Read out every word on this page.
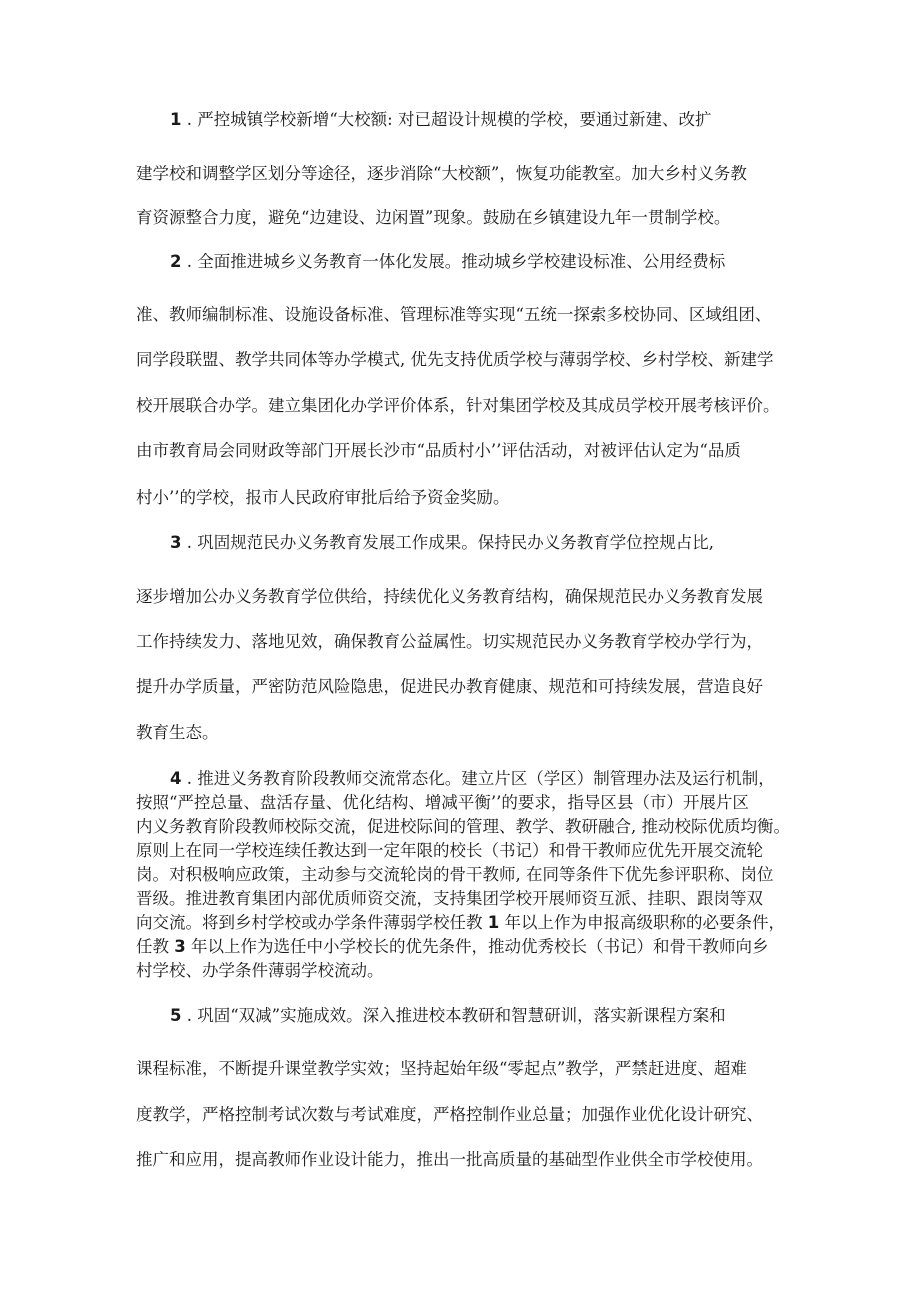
1 . 严控城镇学校新增“大校额: 对已超设计规模的学校，要通过新建、改扩
建学校和调整学区划分等途径，逐步消除“大校额”，恢复功能教室。加大乡村义务教
育资源整合力度，避免“边建设、边闲置”现象。鼓励在乡镇建设九年一贯制学校。
2 . 全面推进城乡义务教育一体化发展。推动城乡学校建设标准、公用经费标
准、教师编制标准、设施设备标准、管理标准等实现“五统一探索多校协同、区域组团、
同学段联盟、教学共同体等办学模式, 优先支持优质学校与薄弱学校、乡村学校、新建学
校开展联合办学。建立集团化办学评价体系，针对集团学校及其成员学校开展考核评价。
由市教育局会同财政等部门开展长沙市“品质村小’’评估活动，对被评估认定为“品质
村小’’的学校，报市人民政府审批后给予资金奖励。
3 . 巩固规范民办义务教育发展工作成果。保持民办义务教育学位控规占比,
逐步增加公办义务教育学位供给，持续优化义务教育结构，确保规范民办义务教育发展
工作持续发力、落地见效，确保教育公益属性。切实规范民办义务教育学校办学行为，
提升办学质量，严密防范风险隐患，促进民办教育健康、规范和可持续发展，营造良好
教育生态。
4 . 推进义务教育阶段教师交流常态化。建立片区（学区）制管理办法及运行机制，
按照“严控总量、盘活存量、优化结构、增减平衡’’的要求，指导区县（市）开展片区
内义务教育阶段教师校际交流，促进校际间的管理、教学、教研融合, 推动校际优质均衡。
原则上在同一学校连续任教达到一定年限的校长（书记）和骨干教师应优先开展交流轮
岗。对积极响应政策，主动参与交流轮岗的骨干教师, 在同等条件下优先参评职称、岗位
晋级。推进教育集团内部优质师资交流，支持集团学校开展师资互派、挂职、跟岗等双
向交流。将到乡村学校或办学条件薄弱学校任教 1 年以上作为申报高级职称的必要条件，
任教 3 年以上作为选任中小学校长的优先条件，推动优秀校长（书记）和骨干教师向乡
村学校、办学条件薄弱学校流动。
5 . 巩固“双减”实施成效。深入推进校本教研和智慧研训，落实新课程方案和
课程标准，不断提升课堂教学实效；坚持起始年级“零起点”教学，严禁赶进度、超难
度教学，严格控制考试次数与考试难度，严格控制作业总量；加强作业优化设计研究、
推广和应用，提高教师作业设计能力，推出一批高质量的基础型作业供全市学校使用。
